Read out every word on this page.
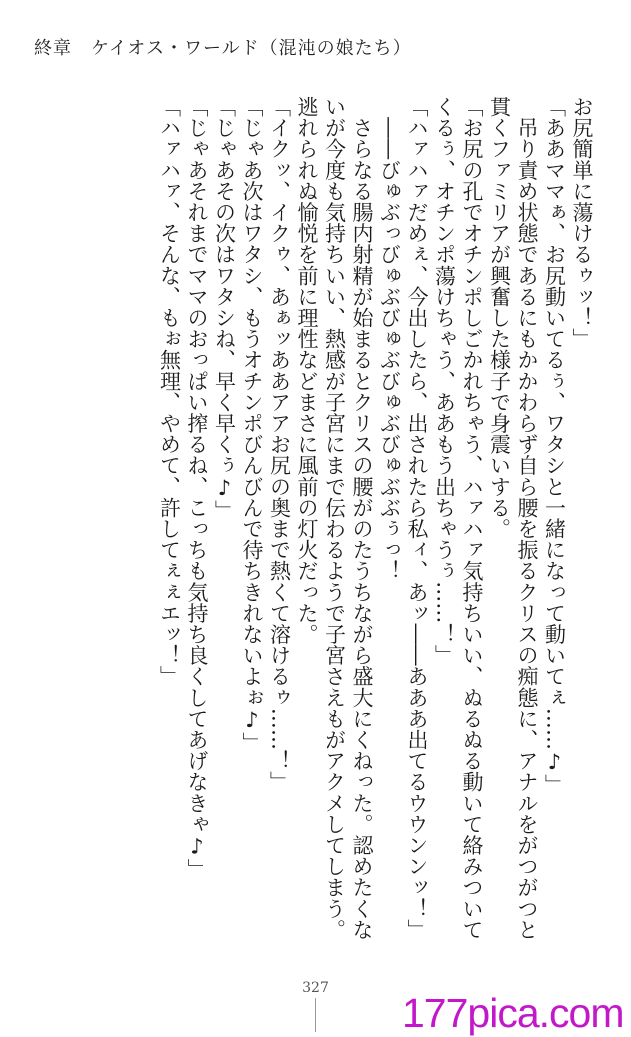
終章　ケイオス・ワールド（混沌の娘たち）

お尻簡単に蕩けるゥッ！」

「ああママぁ、お尻動いてるぅ、ワタシと一緒になって動いてぇ……♪」

　吊り責め状態であるにもかかわらず自ら腰を振るクリスの痴態に、アナルをがつがつと

貫くファミリアが興奮した様子で身震いする。

「お尻の孔でオチンポしごかれちゃう、ハァハァ気持ちいい、ぬるぬる動いて絡みついて

くるぅ、オチンポ蕩けちゃう、ああもう出ちゃうぅ……！」

「ハァハァだめぇ、今出したら、出されたら私ィ、あッ――あああ出てるウウンンッ！」

　――びゅぶっびゅぶびゅぶびゅぶびゅぶぶぅっ！

　さらなる腸内射精が始まるとクリスの腰がのたうちながら盛大にくねった。認めたくな

いが今度も気持ちいい、熱感が子宮にまで伝わるようで子宮さえもがアクメしてしまう。

逃れられぬ愉悦を前に理性などまさに風前の灯火だった。

「イクッ、イクゥ、あぁッああアアお尻の奥まで熱くて溶けるゥ……！」

「じゃあ次はワタシ、もうオチンポびんびんで待ちきれないよぉ♪」

「じゃあその次はワタシね、早く早くぅ♪」

「じゃあそれまでママのおっぱい搾るね、こっちも気持ち良くしてあげなきゃ♪」

「ハァハァ、そんな、もぉ無理、やめて、許してぇぇエッ！」

327
177pica.com
